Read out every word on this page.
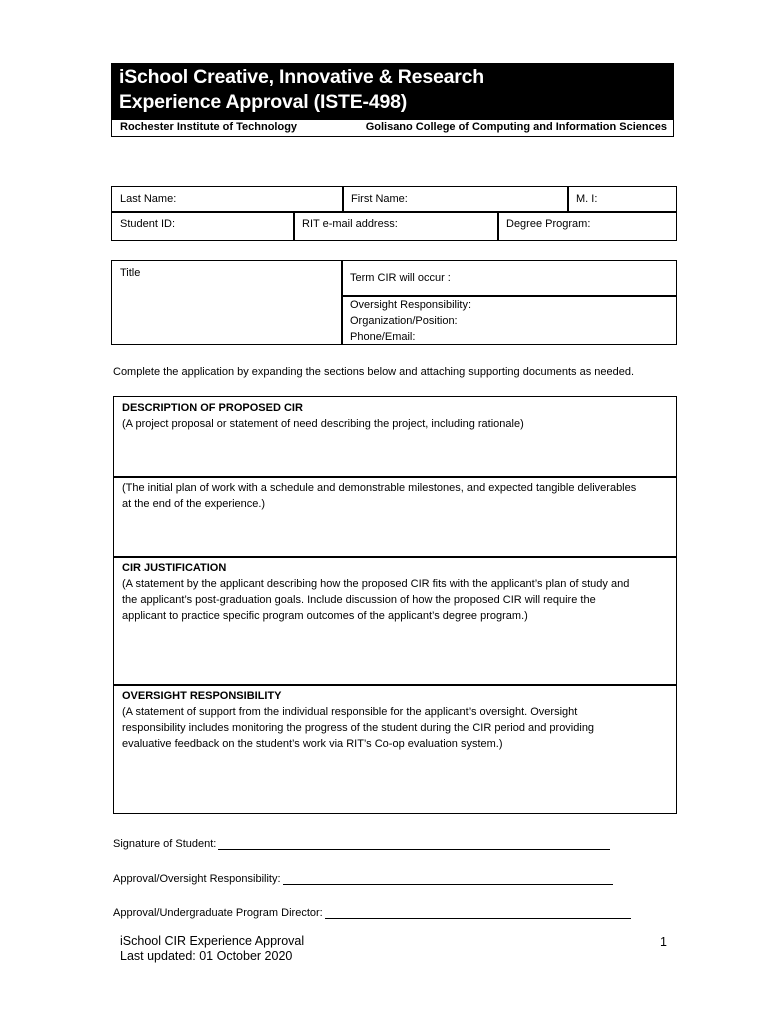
iSchool Creative, Innovative & Research
Experience Approval (ISTE-498)
Rochester Institute of Technology	Golisano College of Computing and Information Sciences
Last Name:	First Name:	M. I:
Student ID:	RIT e-mail address:	Degree Program:
Title	Term CIR will occur :
Oversight Responsibility:
Organization/Position:
Phone/Email:
Complete the application by expanding the sections below and attaching supporting documents as needed.
DESCRIPTION OF PROPOSED CIR
(A project proposal or statement of need describing the project, including rationale)
(The initial plan of work with a schedule and demonstrable milestones, and expected tangible deliverables
at the end of the experience.)
CIR JUSTIFICATION
(A statement by the applicant describing how the proposed CIR fits with the applicant’s plan of study and
the applicant’s post-graduation goals. Include discussion of how the proposed CIR will require the
applicant to practice specific program outcomes of the applicant’s degree program.)
OVERSIGHT RESPONSIBILITY
(A statement of support from the individual responsible for the applicant’s oversight. Oversight
responsibility includes monitoring the progress of the student during the CIR period and providing
evaluative feedback on the student’s work via RIT’s Co-op evaluation system.)
Signature of Student:
Approval/Oversight Responsibility:
Approval/Undergraduate Program Director:
iSchool CIR Experience Approval
Last updated: 01 October 2020
1
